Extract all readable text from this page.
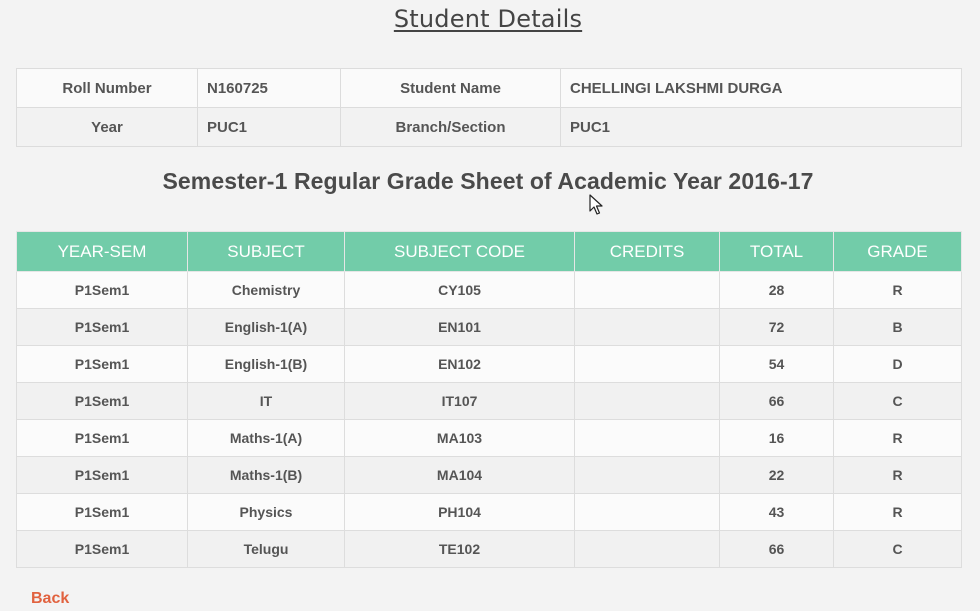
Student Details
Roll Number	N160725	Student Name	CHELLINGI LAKSHMI DURGA
Year	PUC1	Branch/Section	PUC1
Semester-1 Regular Grade Sheet of Academic Year 2016-17
YEAR-SEM	SUBJECT	SUBJECT CODE	CREDITS	TOTAL	GRADE
P1Sem1	Chemistry	CY105		28	R
P1Sem1	English-1(A)	EN101		72	B
P1Sem1	English-1(B)	EN102		54	D
P1Sem1	IT	IT107		66	C
P1Sem1	Maths-1(A)	MA103		16	R
P1Sem1	Maths-1(B)	MA104		22	R
P1Sem1	Physics	PH104		43	R
P1Sem1	Telugu	TE102		66	C
Back
